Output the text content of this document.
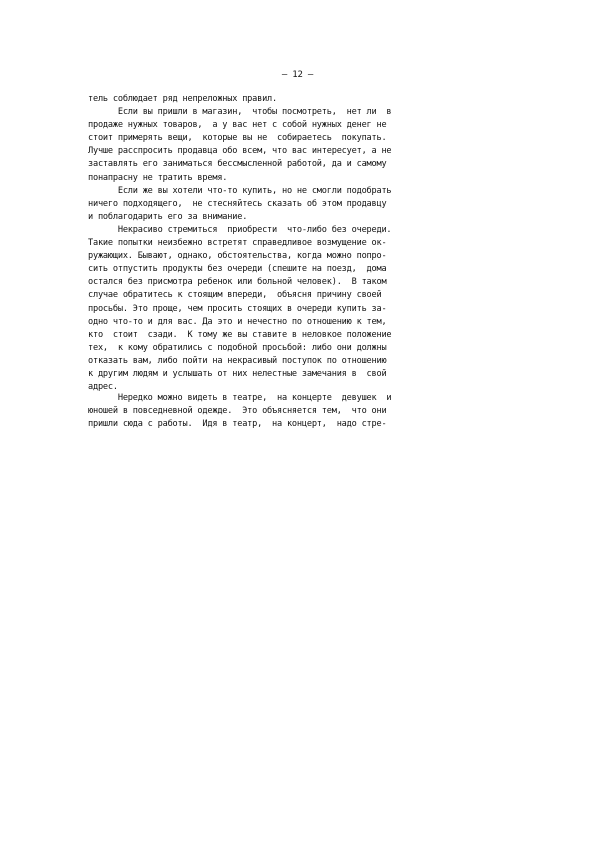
— 12 —
тель соблюдает ряд непреложных правил.
Если вы пришли в магазин,  чтобы посмотреть,  нет ли  в
продаже нужных товаров,  а у вас нет с собой нужных денег не
стоит примерять вещи,  которые вы не  собираетесь  покупать.
Лучше расспросить продавца обо всем, что вас интересует, а не
заставлять его заниматься бессмысленной работой, да и самому
понапрасну не тратить время.
Если же вы хотели что-то купить, но не смогли подобрать
ничего подходящего,  не стесняйтесь сказать об этом продавцу
и поблагодарить его за внимание.
Некрасиво стремиться  приобрести  что-либо без очереди.
Такие попытки неизбежно встретят справедливое возмущение ок-
ружающих. Бывают, однако, обстоятельства, когда можно попро-
сить отпустить продукты без очереди (спешите на поезд,  дома
остался без присмотра ребенок или больной человек).  В таком
случае обратитесь к стоящим впереди,  объясня причину своей
просьбы. Это проще, чем просить стоящих в очереди купить за-
одно что-то и для вас. Да это и нечестно по отношению к тем,
кто  стоит  сзади.  К тому же вы ставите в неловкое положение
тех,  к кому обратились с подобной просьбой: либо они должны
отказать вам, либо пойти на некрасивый поступок по отношению
к другим людям и услышать от них нелестные замечания в  свой
адрес.
Нередко можно видеть в театре,  на концерте  девушек  и
юношей в повседневной одежде.  Это объясняется тем,  что они
пришли сюда с работы.  Идя в театр,  на концерт,  надо стре-
